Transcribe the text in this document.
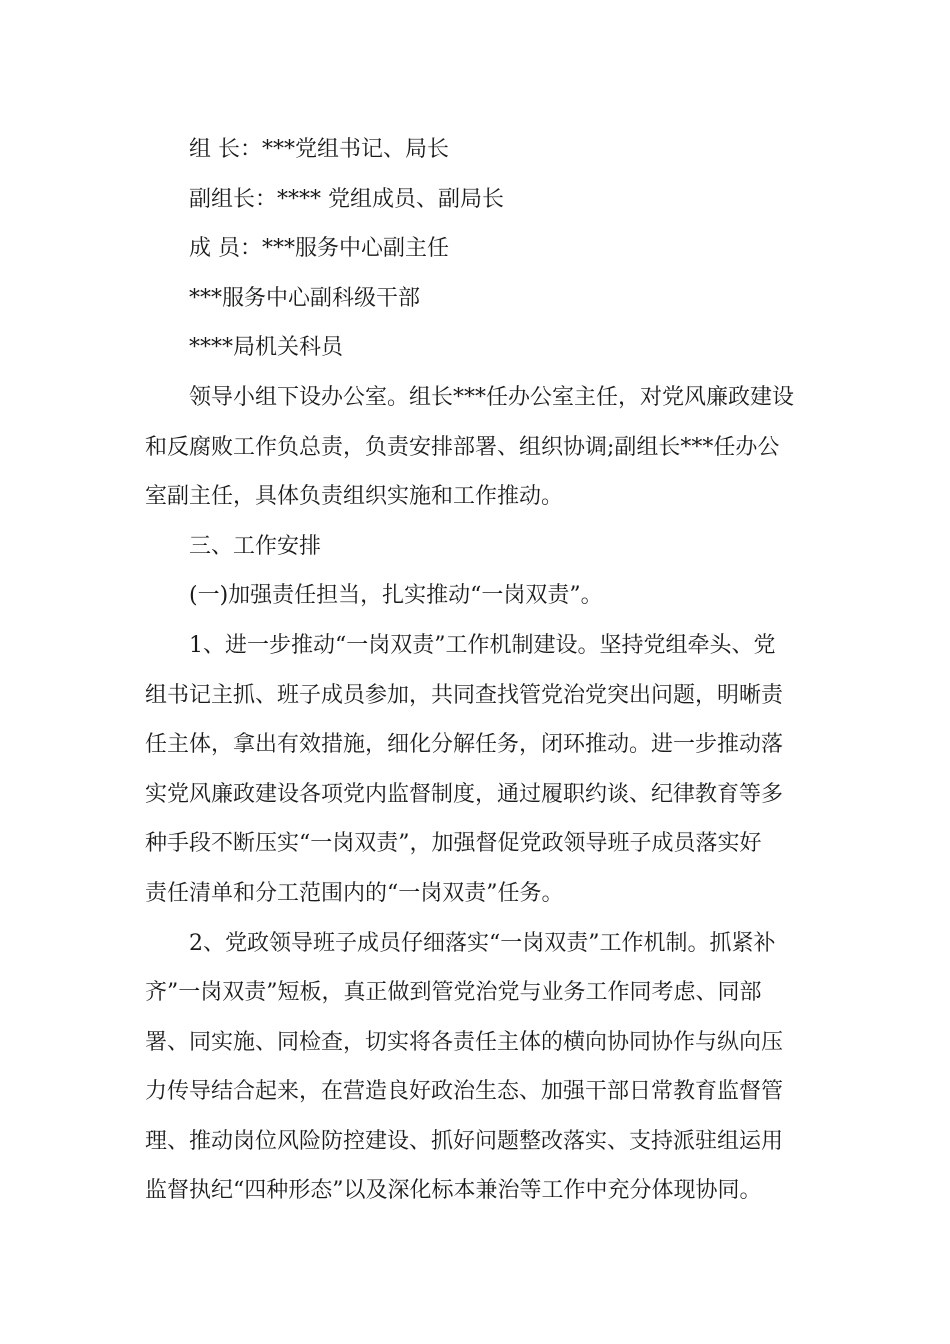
组 长：***党组书记、局长
副组长：**** 党组成员、副局长
成 员：***服务中心副主任
***服务中心副科级干部
****局机关科员
领导小组下设办公室。组长***任办公室主任，对党风廉政建设
和反腐败工作负总责，负责安排部署、组织协调;副组长***任办公
室副主任，具体负责组织实施和工作推动。
三、工作安排
(一)加强责任担当，扎实推动“一岗双责”。
1、进一步推动“一岗双责”工作机制建设。坚持党组牵头、党
组书记主抓、班子成员参加，共同查找管党治党突出问题，明晰责
任主体，拿出有效措施，细化分解任务，闭环推动。进一步推动落
实党风廉政建设各项党内监督制度，通过履职约谈、纪律教育等多
种手段不断压实“一岗双责”，加强督促党政领导班子成员落实好
责任清单和分工范围内的“一岗双责”任务。
2、党政领导班子成员仔细落实“一岗双责”工作机制。抓紧补
齐”一岗双责”短板，真正做到管党治党与业务工作同考虑、同部
署、同实施、同检查，切实将各责任主体的横向协同协作与纵向压
力传导结合起来，在营造良好政治生态、加强干部日常教育监督管
理、推动岗位风险防控建设、抓好问题整改落实、支持派驻组运用
监督执纪“四种形态”以及深化标本兼治等工作中充分体现协同。
